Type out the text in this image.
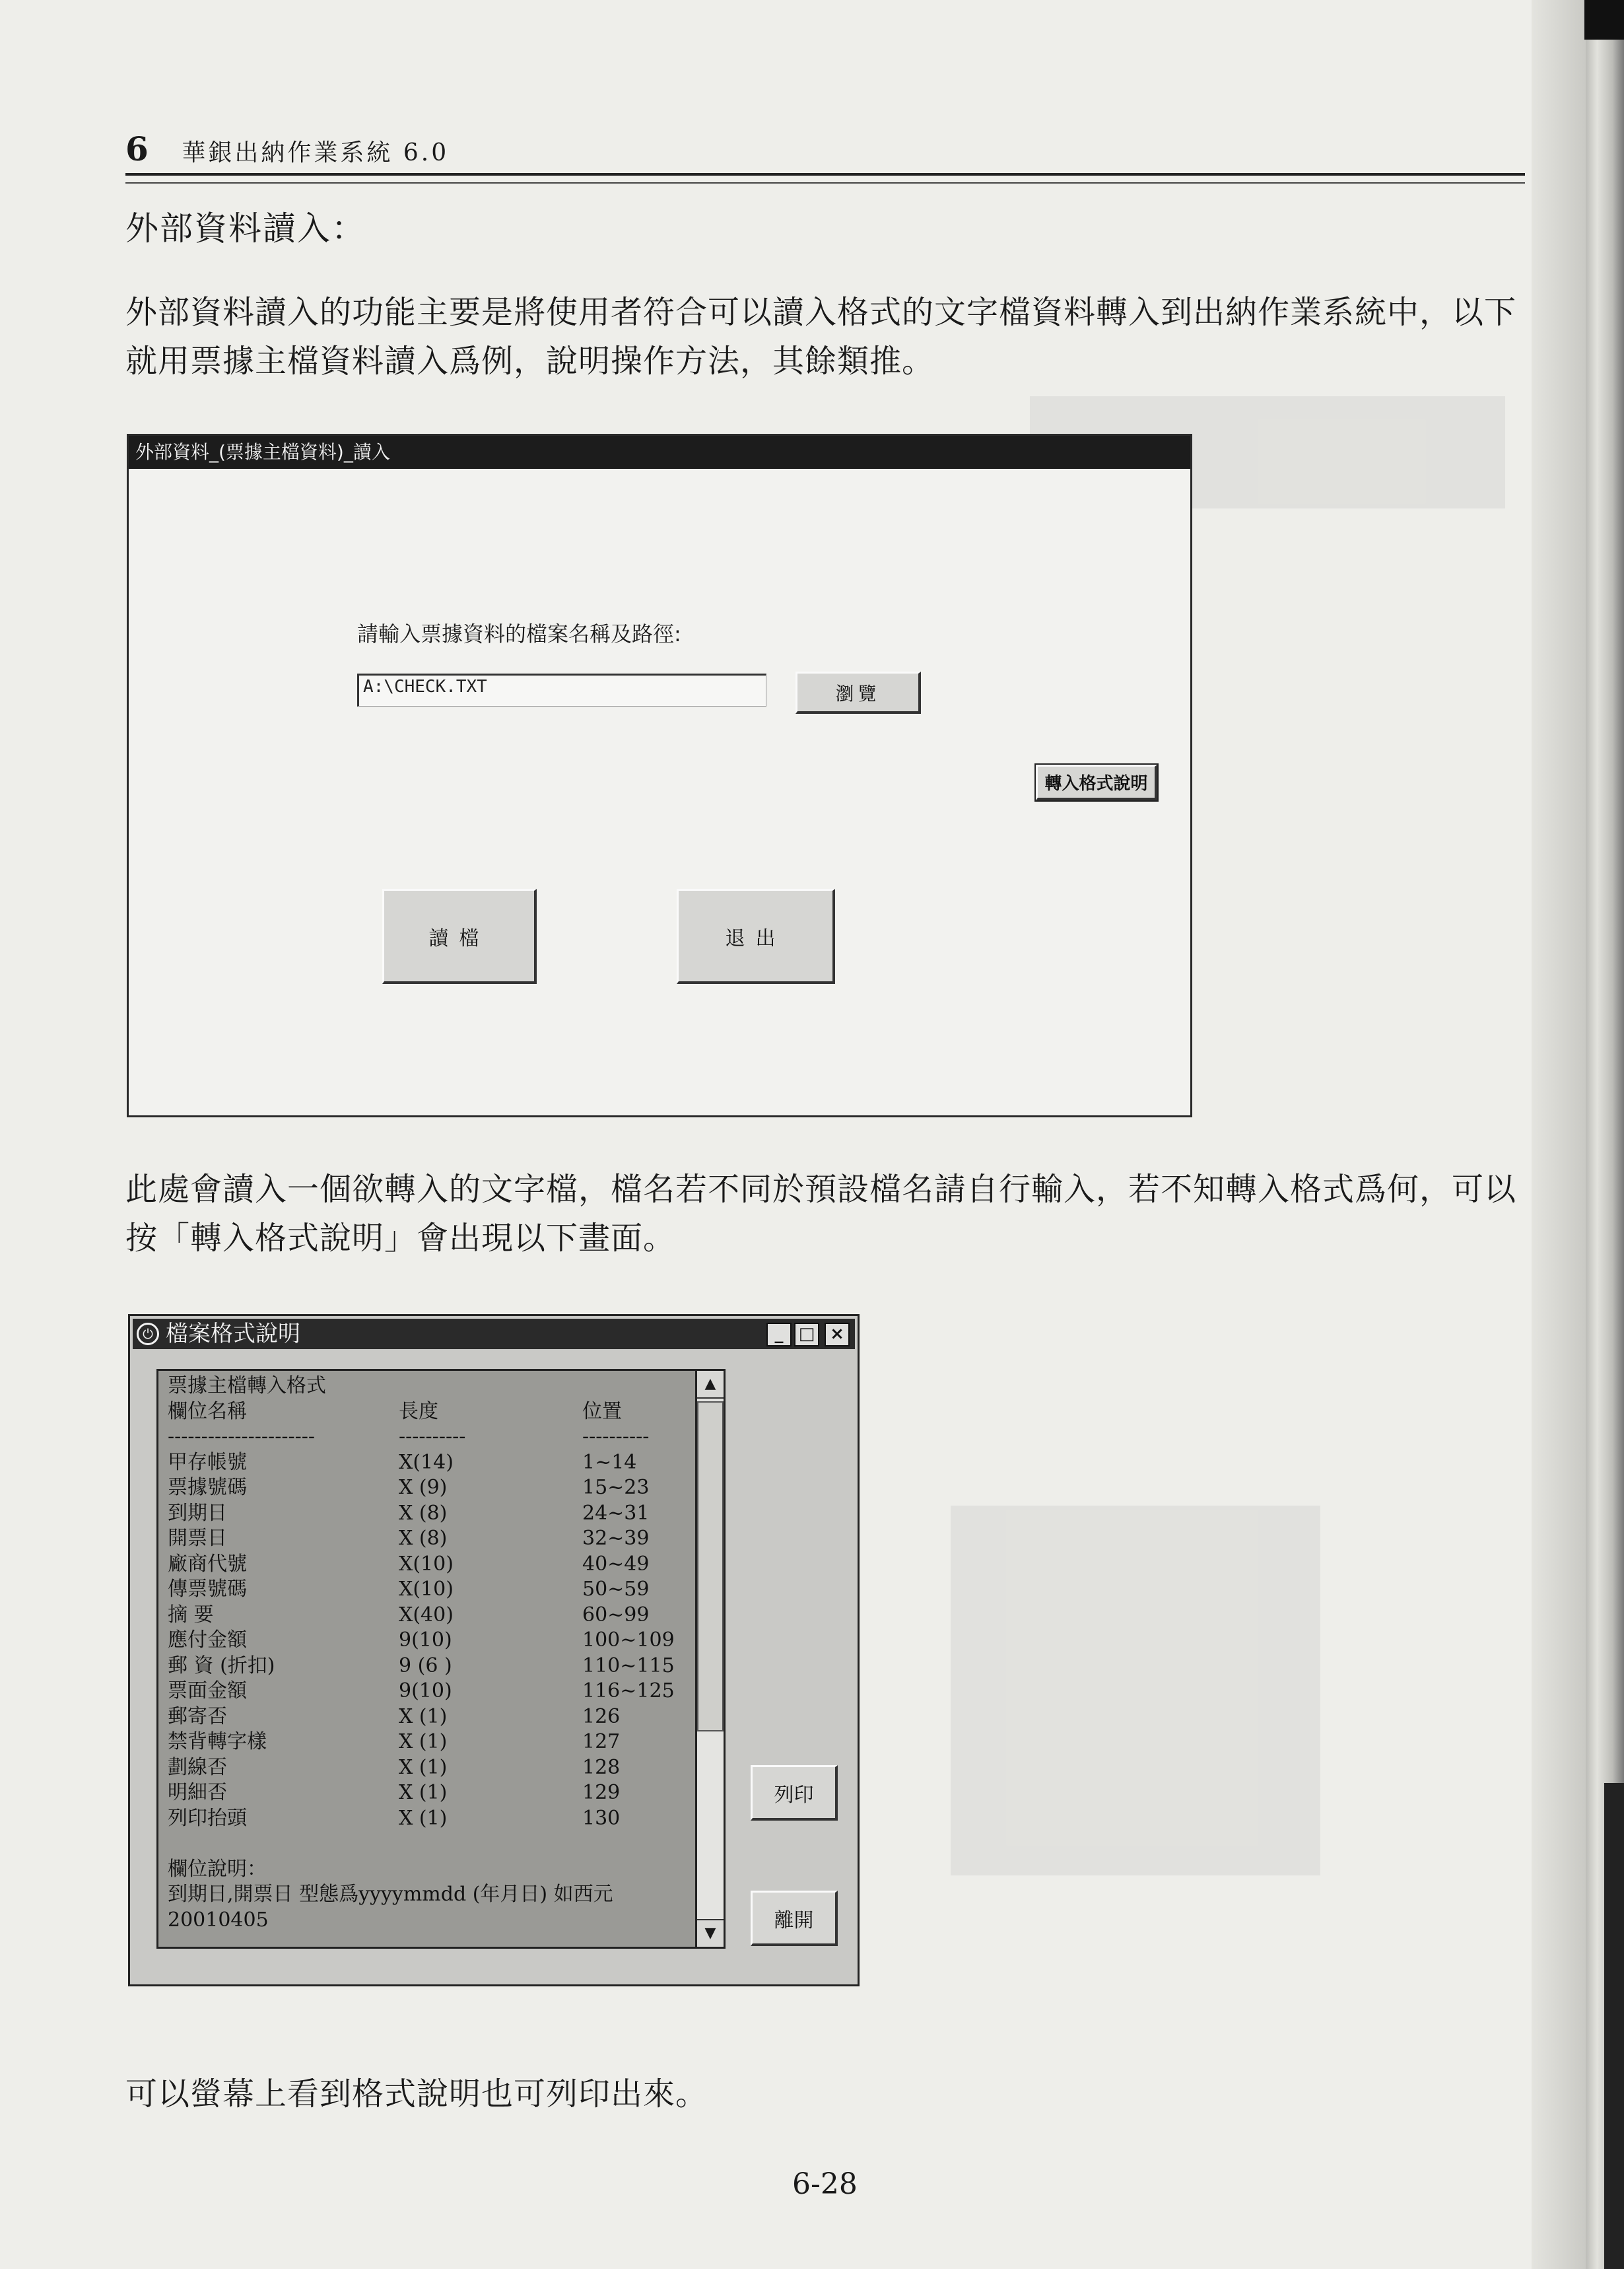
6 華銀出納作業系統 6.0
外部資料讀入：
外部資料讀入的功能主要是將使用者符合可以讀入格式的文字檔資料轉入到出納作業系統中，以下就用票據主檔資料讀入爲例，說明操作方法，其餘類推。
外部資料_(票據主檔資料)_讀入
請輸入票據資料的檔案名稱及路徑:
A:\CHECK.TXT	瀏覽
轉入格式說明
讀檔	退出
此處會讀入一個欲轉入的文字檔，檔名若不同於預設檔名請自行輸入，若不知轉入格式爲何，可以按「轉入格式說明」會出現以下畫面。
⏻ 檔案格式說明	_ □ ×
票據主檔轉入格式
欄位名稱	長度	位置
----------------------	----------	----------
甲存帳號	X(14)	1~14
票據號碼	X (9)	15~23
到期日	X (8)	24~31
開票日	X (8)	32~39
廠商代號	X(10)	40~49
傳票號碼	X(10)	50~59
摘 要	X(40)	60~99
應付金額	9(10)	100~109
郵 資 (折扣)	9 (6 )	110~115
票面金額	9(10)	116~125
郵寄否	X (1)	126
禁背轉字樣	X (1)	127
劃線否	X (1)	128
明細否	X (1)	129
列印抬頭	X (1)	130
欄位說明：
到期日,開票日 型態爲yyyymmdd (年月日) 如西元
20010405
▲
▼
列印
離開
可以螢幕上看到格式說明也可列印出來。
6-28
